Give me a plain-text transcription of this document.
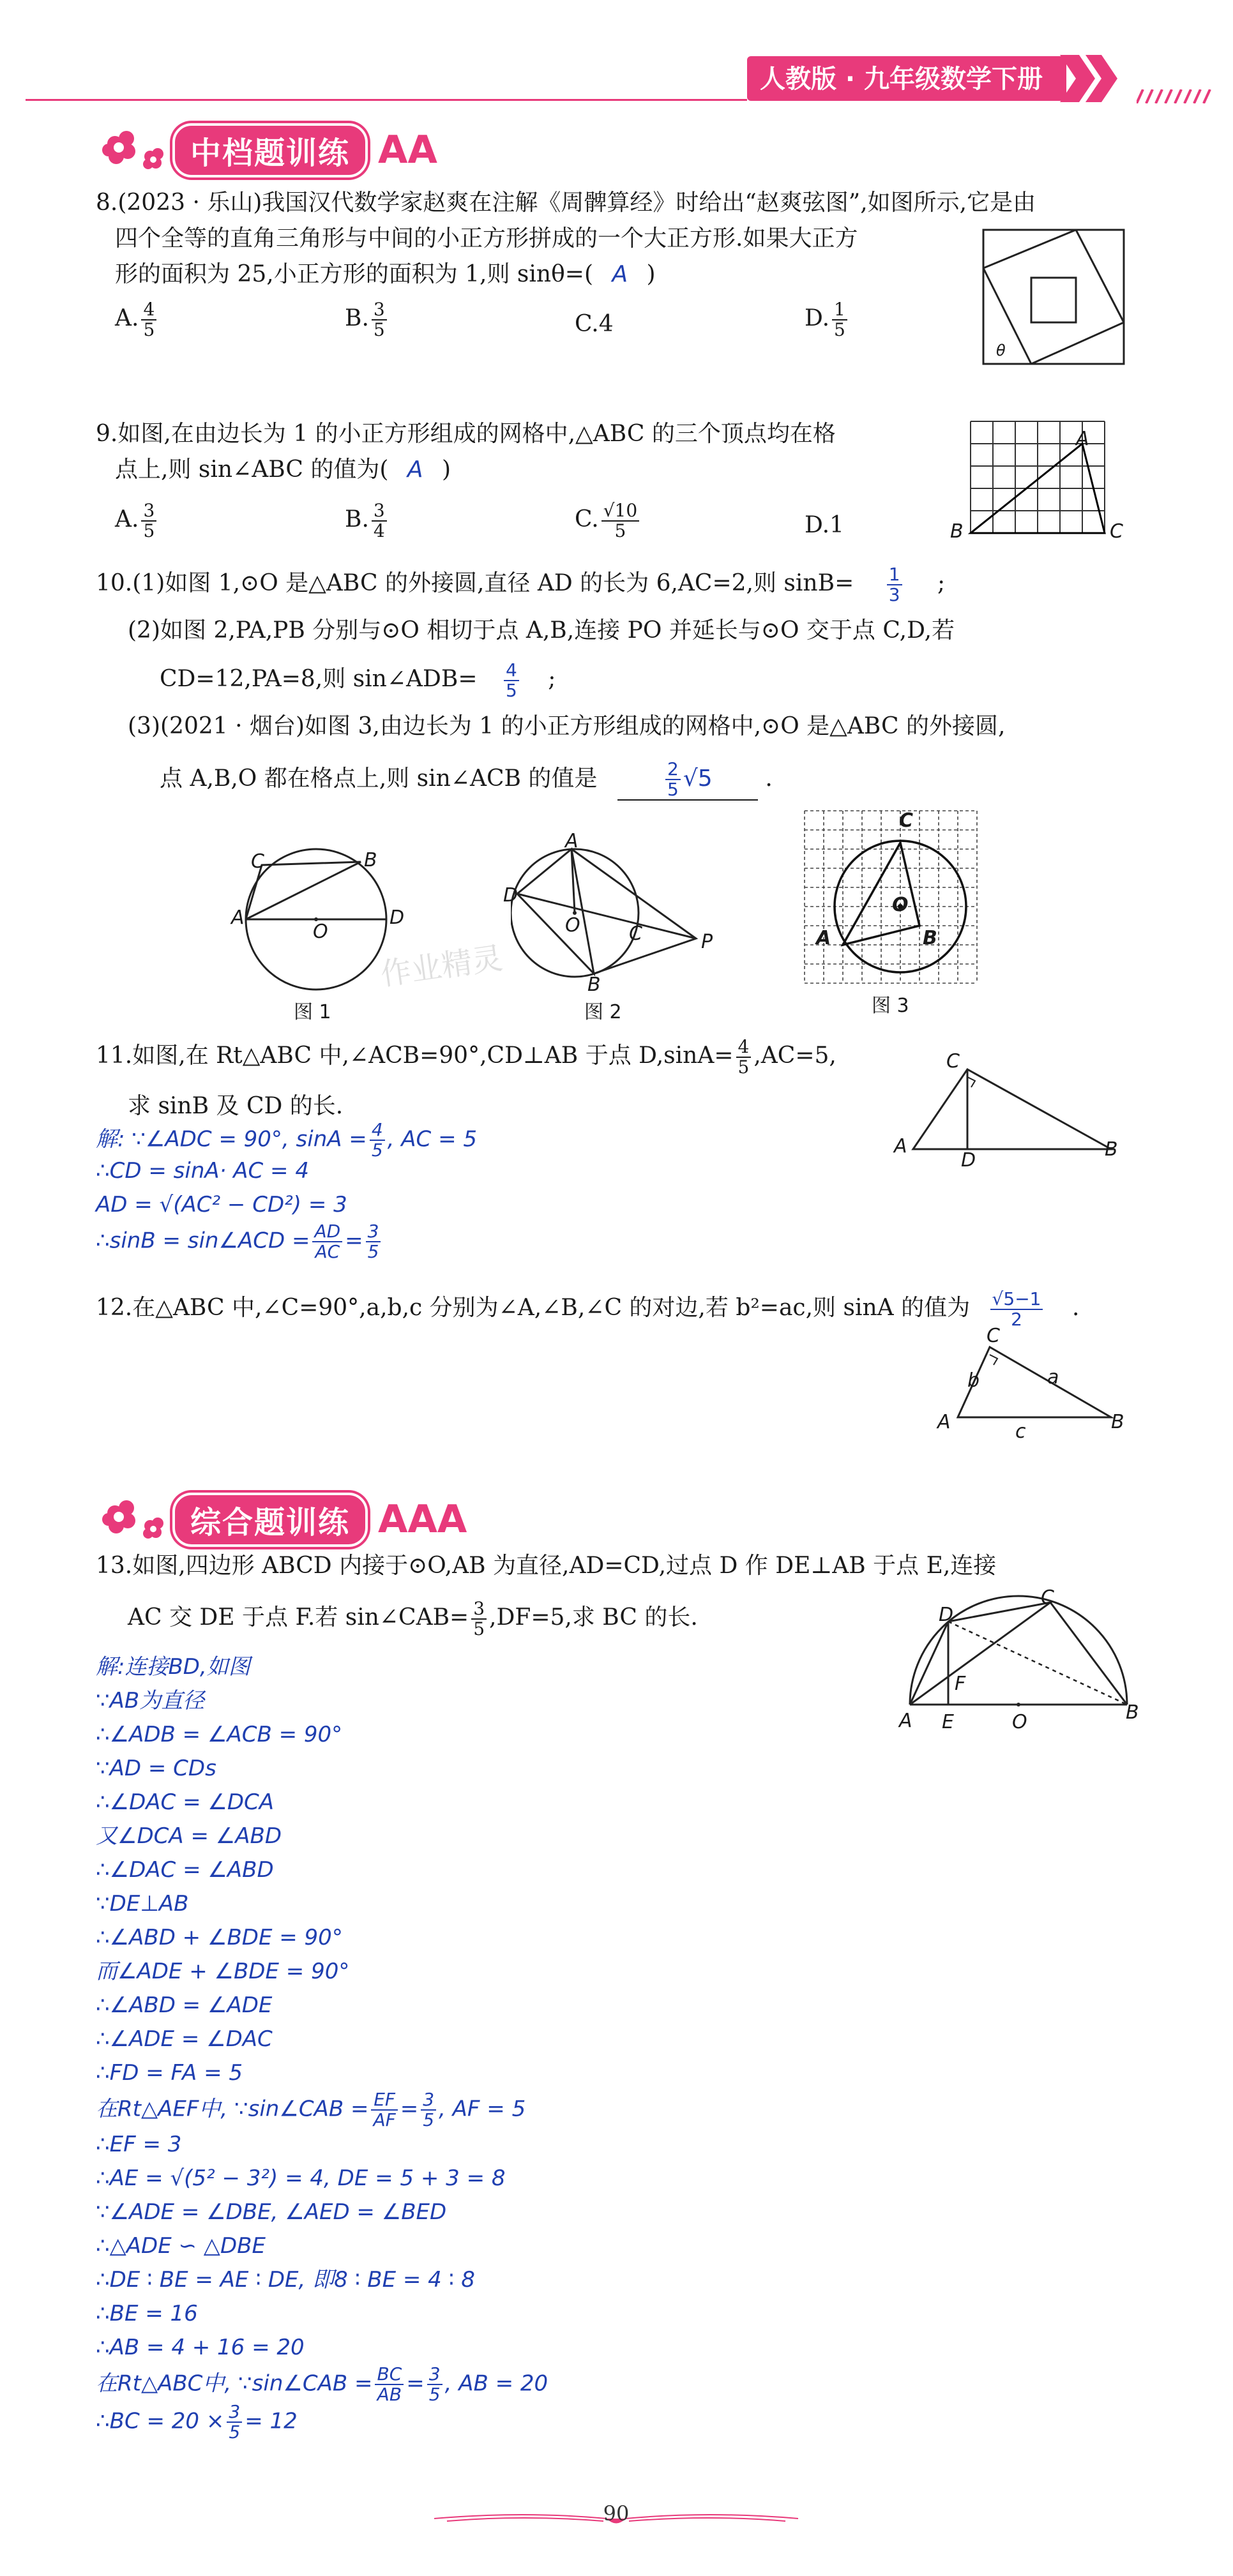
人教版 · 九年级数学下册
中档题训练 AA
8.(2023 · 乐山)我国汉代数学家赵爽在注解《周髀算经》时给出“赵爽弦图”,如图所示,它是由
四个全等的直角三角形与中间的小正方形拼成的一个大正方形.如果大正方
形的面积为 25,小正方形的面积为 1,则 sinθ=( A )
A. $\frac{4}{5}$	B. $\frac{3}{5}$	C.4	D. $\frac{1}{5}$
θ
9.如图,在由边长为 1 的小正方形组成的网格中,△ABC 的三个顶点均在格
点上,则 sin∠ABC 的值为( A )
A. $\frac{3}{5}$	B. $\frac{3}{4}$	C. $\frac{√10}{5}$	D.1
A
B	C
10.(1)如图 1,⊙O 是△ABC 的外接圆,直径 AD 的长为 6,AC=2,则 $\sin B= \frac{1}{3}$ ;
(2)如图 2,PA,PB 分别与⊙O 相切于点 A,B,连接 PO 并延长与⊙O 交于点 C,D,若
CD=12,PA=8,则 sin∠ADB= $\frac{4}{5}$ ;
(3)(2021 · 烟台)如图 3,由边长为 1 的小正方形组成的网格中,⊙O 是△ABC 的外接圆,
点 A,B,O 都在格点上,则 sin∠ACB 的值是	$\frac{2}{5} √5$ .
A
B
C
D
O
图 1
A
B
C
D
O
P
图 2
A	B
C
O
图 3
作业精灵
11.如图,在 Rt△ABC 中,∠ACB=90°,CD⊥AB 于点 $D,\sin A= \frac{4}{5} ,AC=5$,
求 sinB 及 CD 的长.
解: ∵∠ADC = 90°, $\sin A = \frac{4}{5}$ , AC = 5
∴CD = sinA· AC = 4
AD = √(AC² − CD²) = 3
∴sinB = sin∠ACD = $\frac{AD}{AC} = \frac{3}{5}$
A	B
C
D
12.在△ABC 中,∠C=90°,a,b,c 分别为∠A,∠B,∠C 的对边,若 b²=ac,则 sinA 的值为 $\frac{√5-1}{2}$ .
A	B
C
a
b
c
综合题训练 AAA
13.如图,四边形 ABCD 内接于⊙O,AB 为直径,AD=CD,过点 D 作 DE⊥AB 于点 E,连接
AC 交 DE 于点 F.若 sin∠CAB= $\frac{3}{5} ,DF=5$,求 BC 的长.
A	B
C
D
E
F
O
解:连接BD,如图
∵AB为直径
∴∠ADB = ∠ACB = 90°
∵AD = CDs
∴∠DAC = ∠DCA
又∠DCA = ∠ABD
∴∠DAC = ∠ABD
∵DE⊥AB
∴∠ABD + ∠BDE = 90°
而∠ADE + ∠BDE = 90°
∴∠ABD = ∠ADE
∴∠ADE = ∠DAC
∴FD = FA = 5
在Rt△AEF中, ∵sin∠CAB = $\frac{EF}{AF} = \frac{3}{5}$ , AF = 5
∴EF = 3
∴AE = √(5² − 3²) = 4, DE = 5 + 3 = 8
∵∠ADE = ∠DBE, ∠AED = ∠BED
∴△ADE ∽ △DBE
∴DE ∶ BE = AE ∶ DE, 即8 ∶ BE = 4 ∶ 8
∴BE = 16
∴AB = 4 + 16 = 20
在Rt△ABC中, ∵sin∠CAB = $\frac{BC}{AB} = \frac{3}{5}$ , AB = 20
∴BC = $20 \times \frac{3}{5} = 12$
90
